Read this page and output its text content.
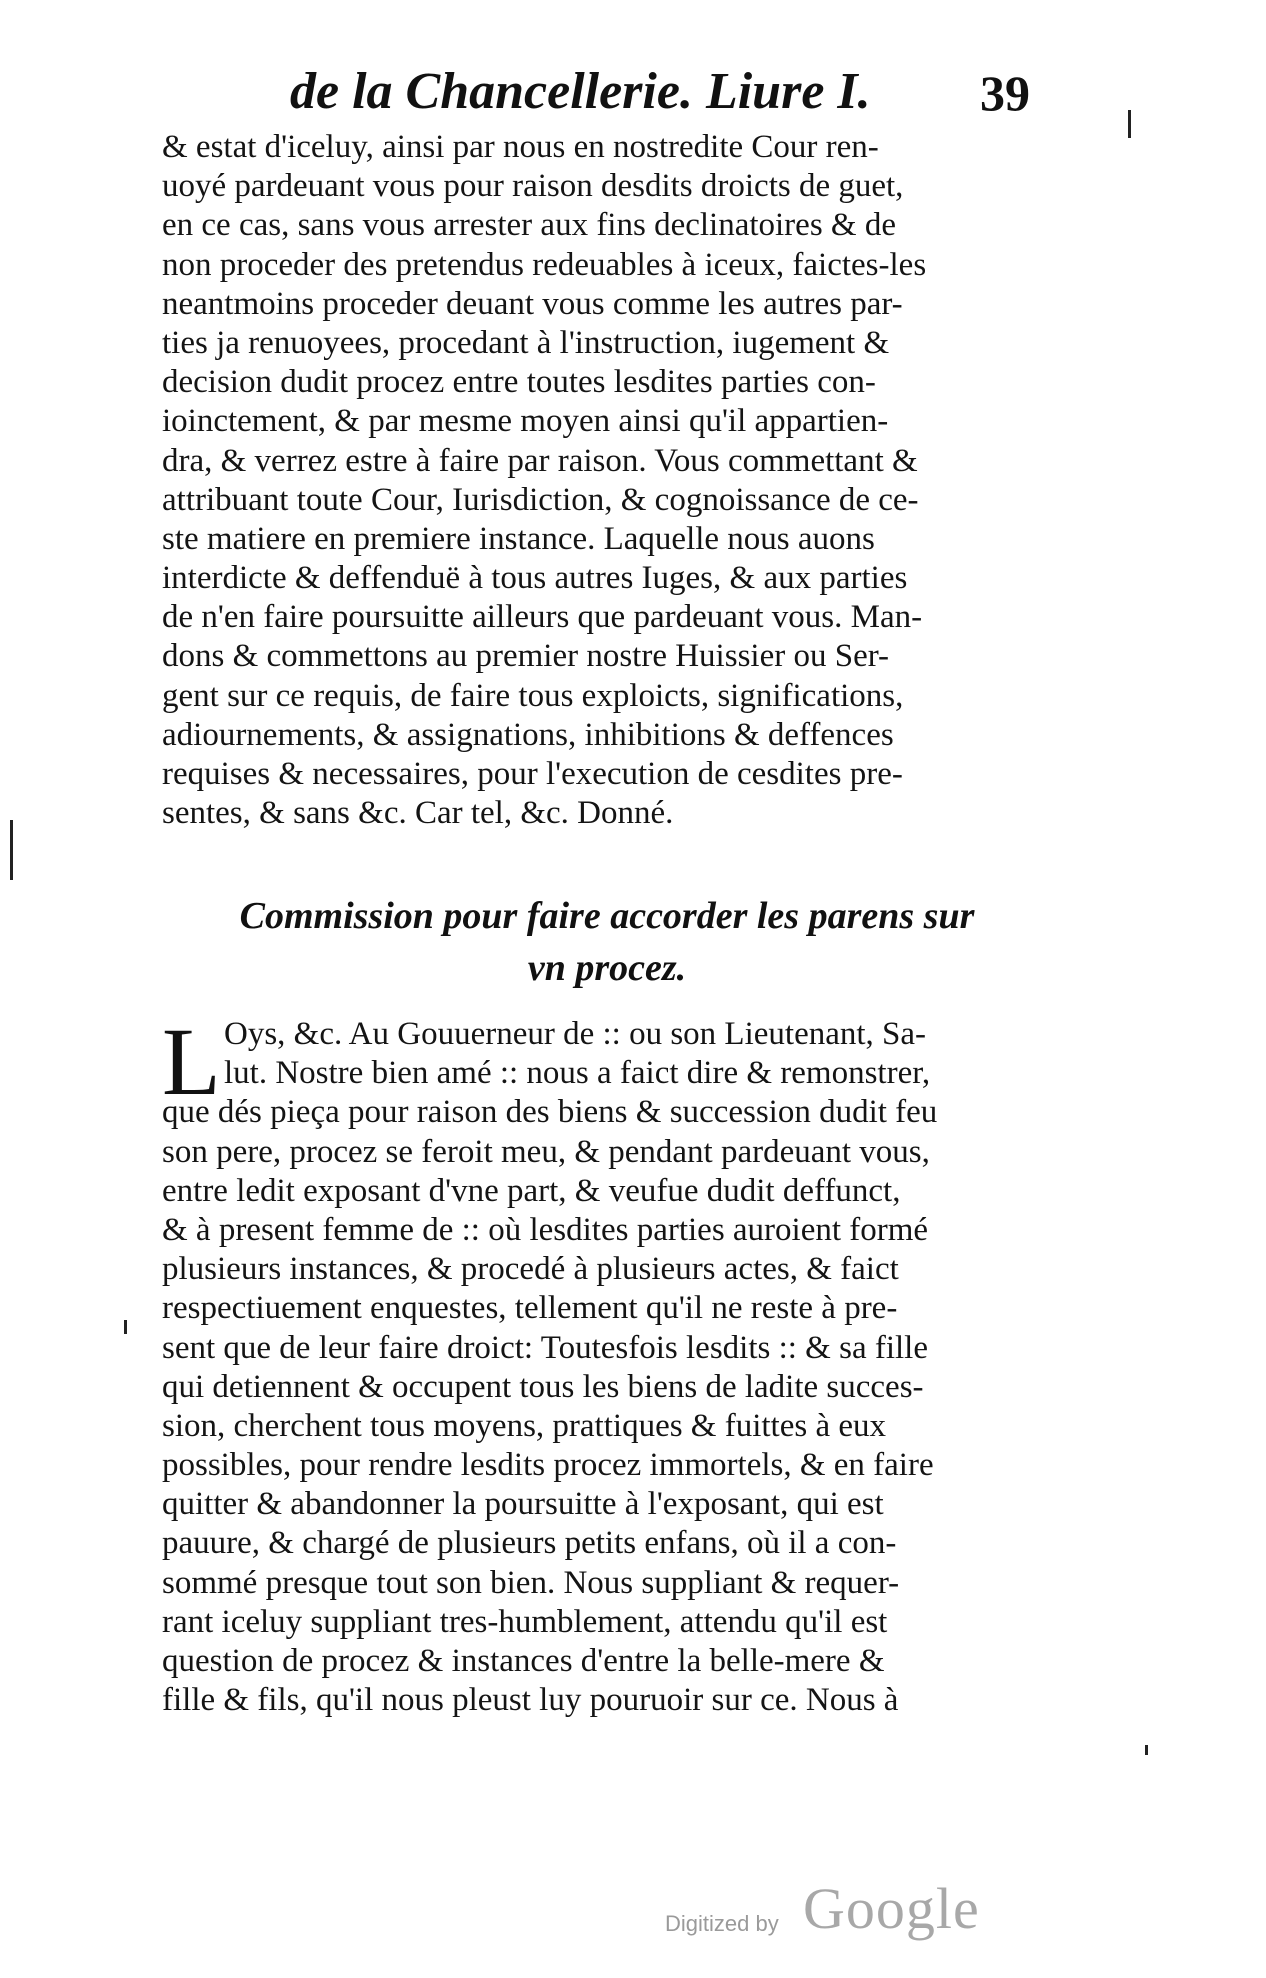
de la Chancellerie. Liure I. 39
& estat d'iceluy, ainsi par nous en nostredite Cour ren-
uoyé pardeuant vous pour raison desdits droicts de guet,
en ce cas, sans vous arrester aux fins declinatoires & de
non proceder des pretendus redeuables à iceux, faictes-les
neantmoins proceder deuant vous comme les autres par-
ties ja renuoyees, procedant à l'instruction, iugement &
decision dudit procez entre toutes lesdites parties con-
ioinctement, & par mesme moyen ainsi qu'il appartien-
dra, & verrez estre à faire par raison. Vous commettant &
attribuant toute Cour, Iurisdiction, & cognoissance de ce-
ste matiere en premiere instance. Laquelle nous auons
interdicte & deffenduë à tous autres Iuges, & aux parties
de n'en faire poursuitte ailleurs que pardeuant vous. Man-
dons & commettons au premier nostre Huissier ou Ser-
gent sur ce requis, de faire tous exploicts, significations,
adiournements, & assignations, inhibitions & deffences
requises & necessaires, pour l'execution de cesdites pre-
sentes, & sans &c. Car tel, &c. Donné.
Commission pour faire accorder les parens sur
vn procez.
L Oys, &c. Au Gouuerneur de :: ou son Lieutenant, Sa-
lut. Nostre bien amé :: nous a faict dire & remonstrer,
que dés pieça pour raison des biens & succession dudit feu
son pere, procez se feroit meu, & pendant pardeuant vous,
entre ledit exposant d'vne part, & veufue dudit deffunct,
& à present femme de :: où lesdites parties auroient formé
plusieurs instances, & procedé à plusieurs actes, & faict
respectiuement enquestes, tellement qu'il ne reste à pre-
sent que de leur faire droict: Toutesfois lesdits :: & sa fille
qui detiennent & occupent tous les biens de ladite succes-
sion, cherchent tous moyens, prattiques & fuittes à eux
possibles, pour rendre lesdits procez immortels, & en faire
quitter & abandonner la poursuitte à l'exposant, qui est
pauure, & chargé de plusieurs petits enfans, où il a con-
sommé presque tout son bien. Nous suppliant & requer-
rant iceluy suppliant tres-humblement, attendu qu'il est
question de procez & instances d'entre la belle-mere &
fille & fils, qu'il nous pleust luy pouruoir sur ce. Nous à
Digitized by Google
